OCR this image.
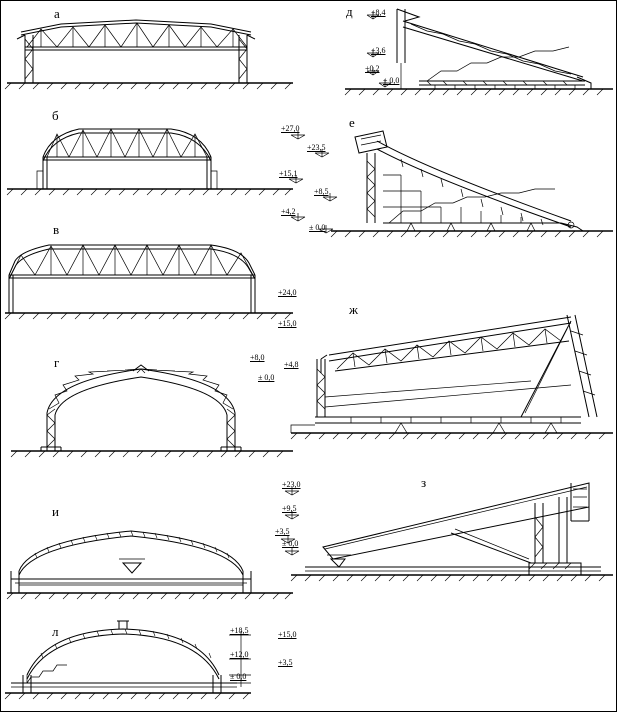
а
б
в
г
и
л
д
е
ж
з
+24,0
+15,0
+8,0
+4,8
± 0,0
+18,5	+15,0
+12,0
+3,5
± 0,0
+8,4
+3,6
+0,2
± 0,0
+27,0
+23,5
+15,1
+8,5
+4,2
± 0,0
+23,0
+9,5
+3,5
± 0,0
